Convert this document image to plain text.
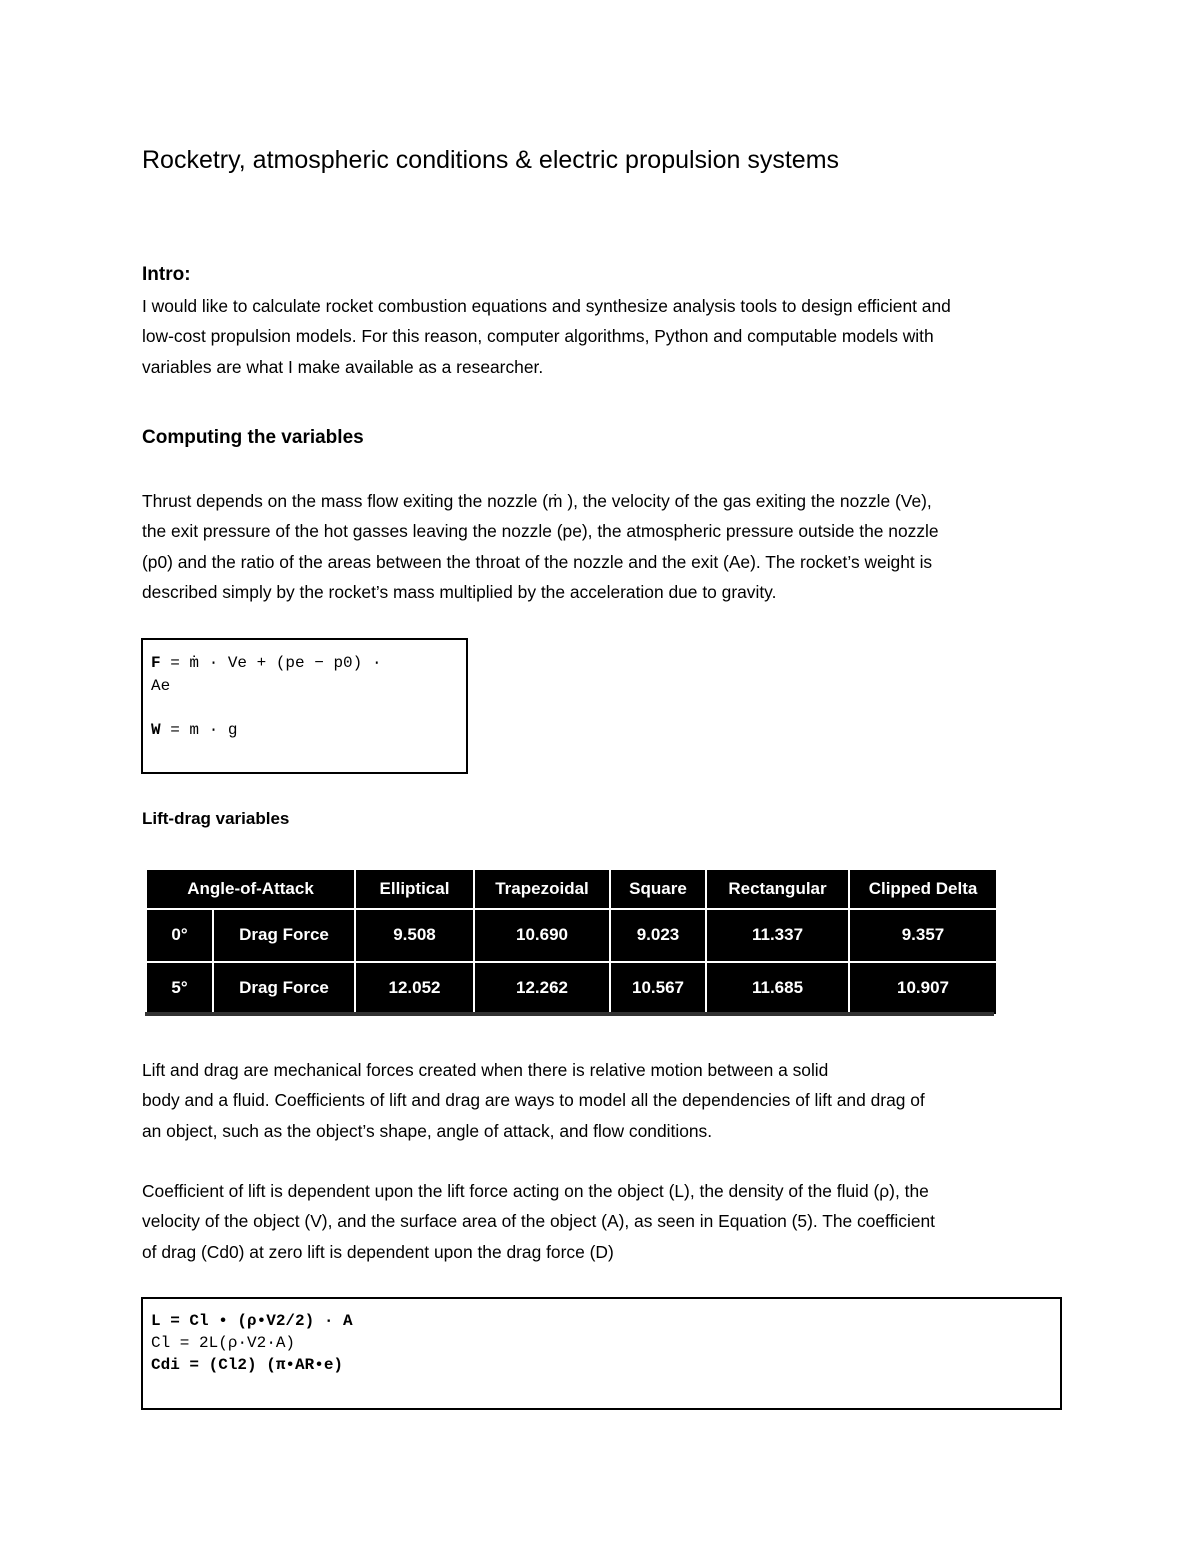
Rocketry, atmospheric conditions & electric propulsion systems
Intro:
I would like to calculate rocket combustion equations and synthesize analysis tools to design efficient and
low-cost propulsion models. For this reason, computer algorithms, Python and computable models with
variables are what I make available as a researcher.
Computing the variables
Thrust depends on the mass flow exiting the nozzle (ṁ ), the velocity of the gas exiting the nozzle (Ve),
the exit pressure of the hot gasses leaving the nozzle (pe), the atmospheric pressure outside the nozzle
(p0) and the ratio of the areas between the throat of the nozzle and the exit (Ae). The rocket’s weight is
described simply by the rocket’s mass multiplied by the acceleration due to gravity.
F = ṁ ∙ Ve + (pe − p0) ∙
Ae
W = m ∙ g
Lift-drag variables
Angle-of-Attack		Elliptical	Trapezoidal	Square	Rectangular	Clipped Delta
0°	Drag Force	9.508	10.690	9.023	11.337	9.357
5°	Drag Force	12.052	12.262	10.567	11.685	10.907
Lift and drag are mechanical forces created when there is relative motion between a solid
body and a fluid. Coefficients of lift and drag are ways to model all the dependencies of lift and drag of
an object, such as the object’s shape, angle of attack, and flow conditions.
Coefficient of lift is dependent upon the lift force acting on the object (L), the density of the fluid (ρ), the
velocity of the object (V), and the surface area of the object (A), as seen in Equation (5). The coefficient
of drag (Cd0) at zero lift is dependent upon the drag force (D)
L = Cl • (ρ•V2/2) ∙ A
Cl = 2L(ρ∙V2∙A)
Cdi = (Cl2) (π•AR•e)
